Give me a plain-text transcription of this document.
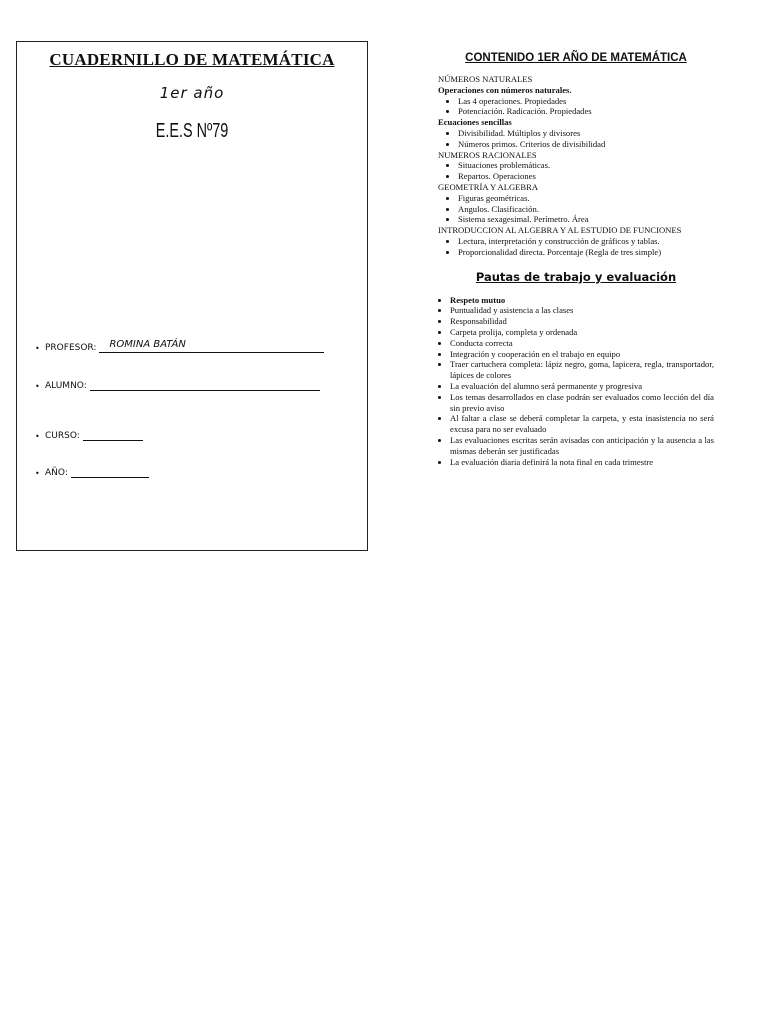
CUADERNILLO DE MATEMÁTICA
1er año
E.E.S Nº79
• PROFESOR: ROMINA BATÁN
• ALUMNO:
• CURSO:
• AÑO:
CONTENIDO 1ER AÑO DE MATEMÁTICA
NÚMEROS NATURALES
Operaciones con números naturales.
• Las 4 operaciones. Propiedades
• Potenciación. Radicación. Propiedades
Ecuaciones sencillas
• Divisibilidad. Múltiplos y divisores
• Números primos. Criterios de divisibilidad
NUMEROS RACIONALES
• Situaciones problemáticas.
• Repartos. Operaciones
GEOMETRÍA Y ALGEBRA
• Figuras geométricas.
• Angulos. Clasificación.
• Sistema sexagesimal. Perímetro. Área
INTRODUCCION AL ALGEBRA Y AL ESTUDIO DE FUNCIONES
• Lectura, interpretación y construcción de gráficos y tablas.
• Proporcionalidad directa. Porcentaje (Regla de tres simple)
Pautas de trabajo y evaluación
• Respeto mutuo
• Puntualidad y asistencia a las clases
• Responsabilidad
• Carpeta prolija, completa y ordenada
• Conducta correcta
• Integración y cooperación en el trabajo en equipo
• Traer cartuchera completa: lápiz negro, goma, lapicera, regla, transportador, lápices de colores
• La evaluación del alumno será permanente y progresiva
• Los temas desarrollados en clase podrán ser evaluados como lección del día sin previo aviso
• Al faltar a clase se deberá completar la carpeta, y esta inasistencia no será excusa para no ser evaluado
• Las evaluaciones escritas serán avisadas con anticipación y la ausencia a las mismas deberán ser justificadas
• La evaluación diaria definirá la nota final en cada trimestre
